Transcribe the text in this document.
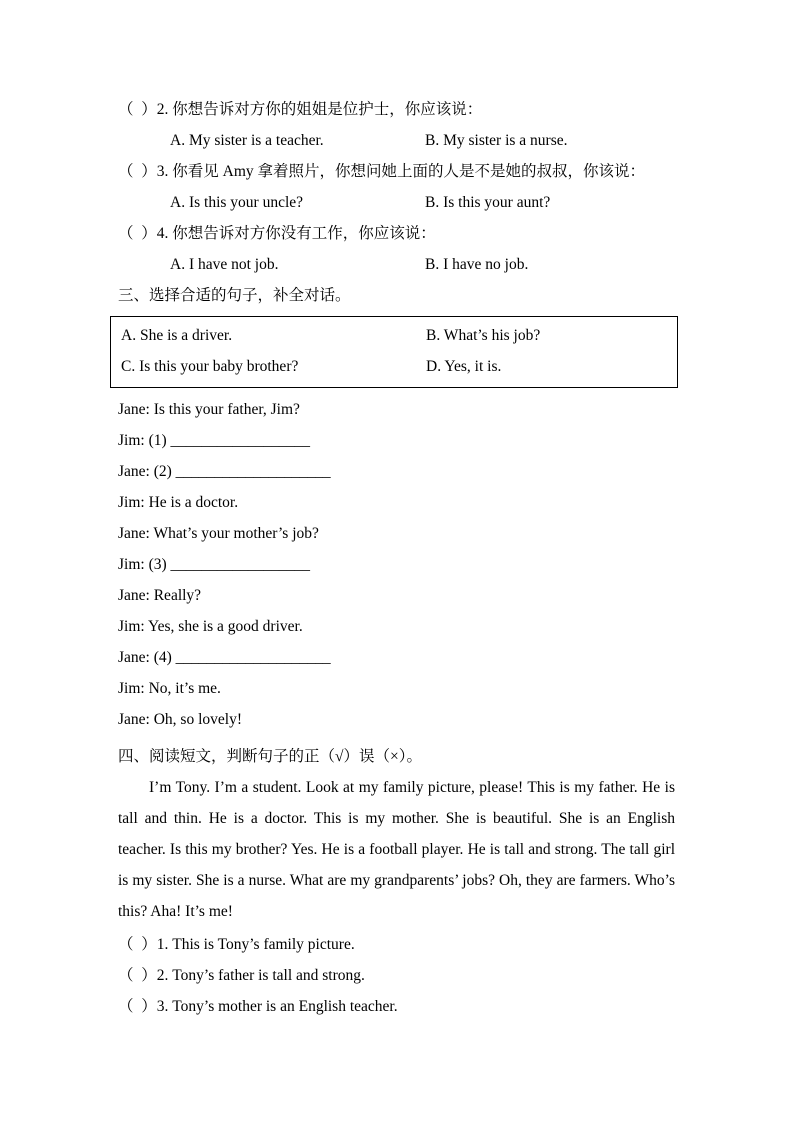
（  ）2. 你想告诉对方你的姐姐是位护士，你应该说：
A. My sister is a teacher.	B. My sister is a nurse.
（  ）3. 你看见 Amy 拿着照片，你想问她上面的人是不是她的叔叔，你该说：
A. Is this your uncle?	B. Is this your aunt?
（  ）4. 你想告诉对方你没有工作，你应该说：
A. I have not job.	B. I have no job.
三、选择合适的句子，补全对话。
A. She is a driver.	B. What’s his job?
C. Is this your baby brother?	D. Yes, it is.
Jane: Is this your father, Jim?
Jim: (1) __________________
Jane: (2) ____________________
Jim: He is a doctor.
Jane: What’s your mother’s job?
Jim: (3) __________________
Jane: Really?
Jim: Yes, she is a good driver.
Jane: (4) ____________________
Jim: No, it’s me.
Jane: Oh, so lovely!
四、阅读短文，判断句子的正（√）误（×）。

I’m Tony. I’m a student. Look at my family picture, please! This is my father. He is tall and thin. He is a doctor. This is my mother. She is beautiful. She is an English teacher. Is this my brother? Yes. He is a football player. He is tall and strong. The tall girl is my sister. She is a nurse. What are my grandparents’ jobs? Oh, they are farmers. Who’s this? Aha! It’s me!

（  ）1. This is Tony’s family picture.
（  ）2. Tony’s father is tall and strong.
（  ）3. Tony’s mother is an English teacher.
